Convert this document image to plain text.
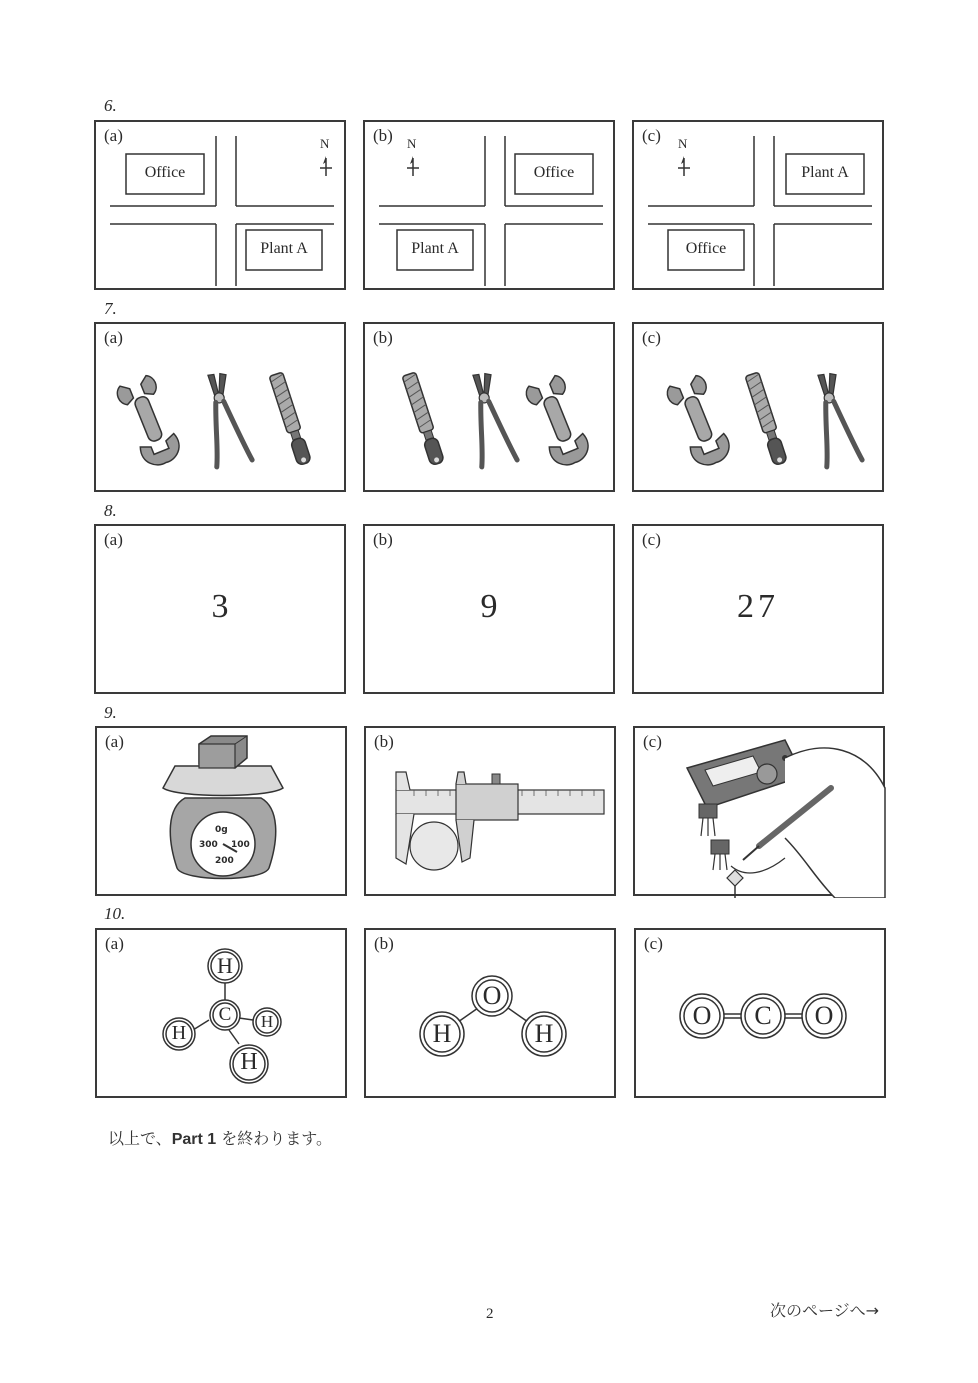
6.
(a)
Office
Plant A
N	(b)
Office
Plant A
N	(c)
Plant A
Office
N
7.
(a)	(b)	(c)
8.
(a)
3
(b)
9
(c)
27
9.
(a)
0g
300 100
200
(b)	(c)
10.
(a)
H
C	H
H
H
(b)
O
H	H
(c)
O	C	O
以上で、Part 1 を終わります。
2	次のページへ→
